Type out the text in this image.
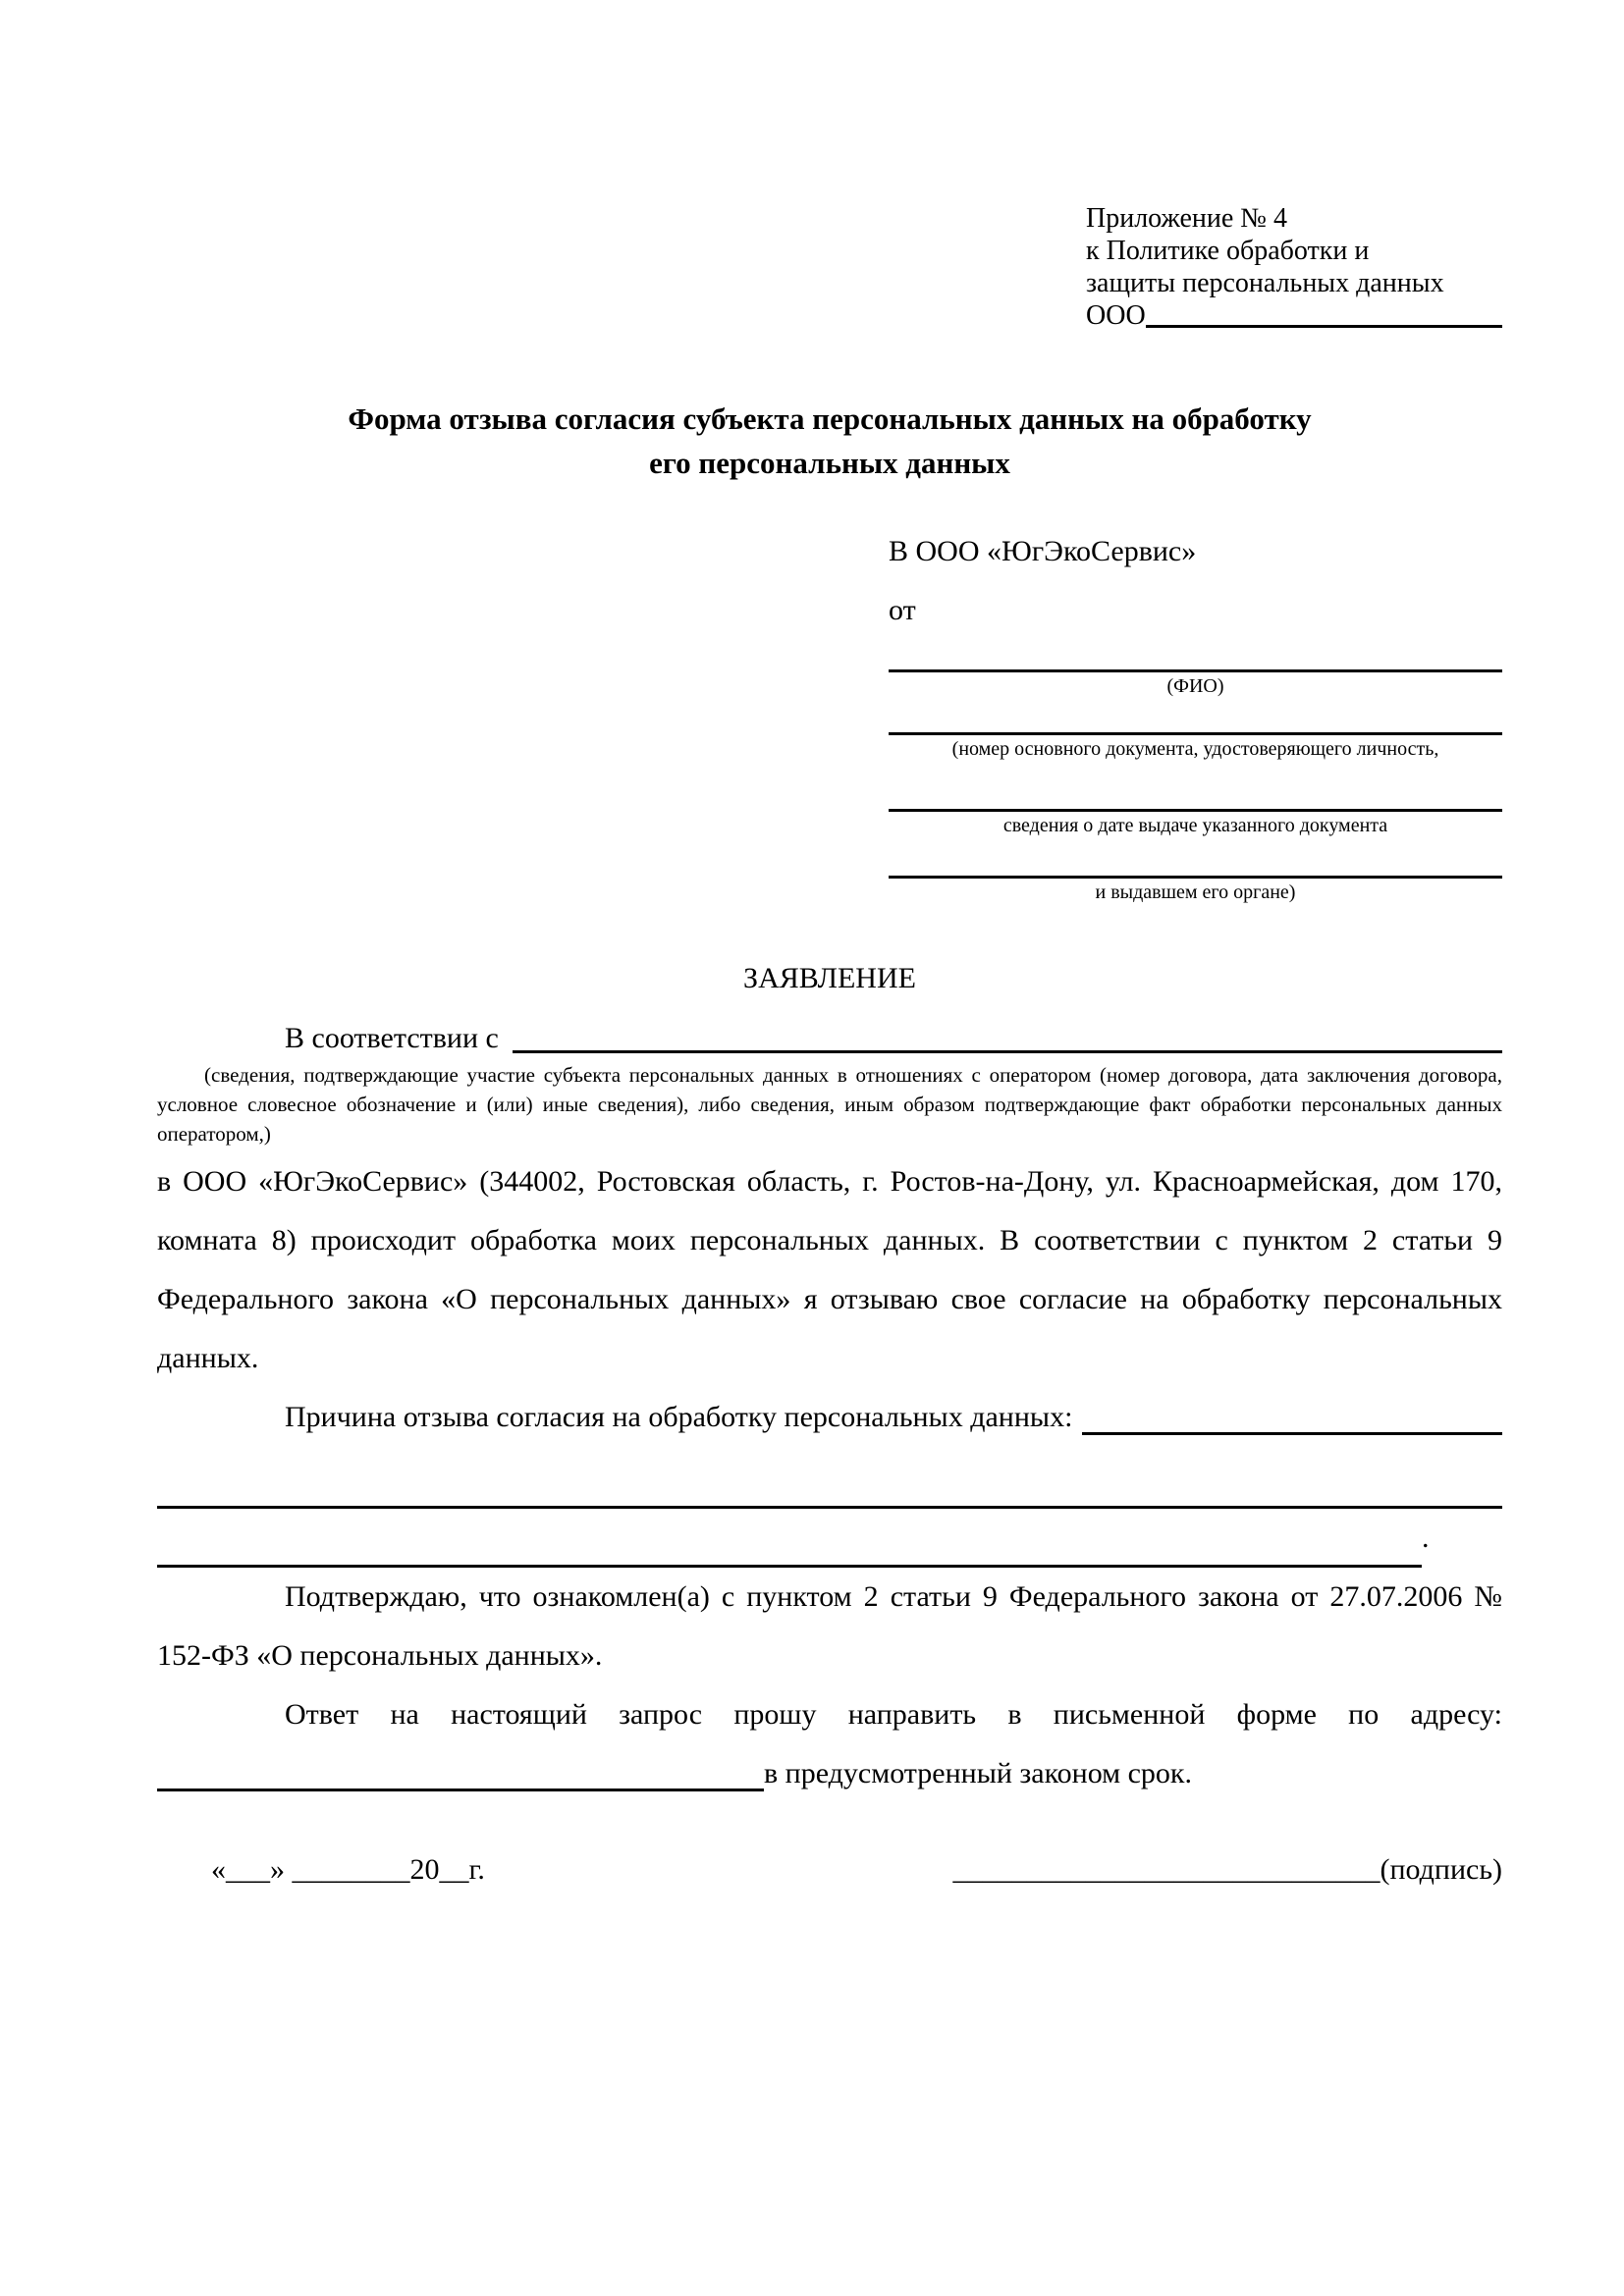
Приложение № 4
к Политике обработки и
защиты персональных данных
ООО
Форма отзыва согласия субъекта персональных данных на обработку
его персональных данных
В ООО «ЮгЭкоСервис»
от
(ФИО)
(номер основного документа, удостоверяющего личность,
сведения о дате выдаче указанного документа
и выдавшем его органе)
ЗАЯВЛЕНИЕ
В соответствии с
(сведения, подтверждающие участие субъекта персональных данных в отношениях с оператором (номер договора, дата заключения договора, условное словесное обозначение и (или) иные сведения), либо сведения, иным образом подтверждающие факт обработки персональных данных оператором,)
в ООО «ЮгЭкоСервис» (344002, Ростовская область, г. Ростов-на-Дону, ул. Красноармейская, дом 170, комната 8) происходит обработка моих персональных данных. В соответствии с пунктом 2 статьи 9 Федерального закона «О персональных данных» я отзываю свое согласие на обработку персональных данных.
Причина отзыва согласия на обработку персональных данных:
.
Подтверждаю, что ознакомлен(а) с пунктом 2 статьи 9 Федерального закона от 27.07.2006 № 152-ФЗ «О персональных данных».
Ответ на настоящий запрос прошу направить в письменной форме по адресу:
в предусмотренный законом срок.
«___» ________20__г.	_____________________________(подпись)
